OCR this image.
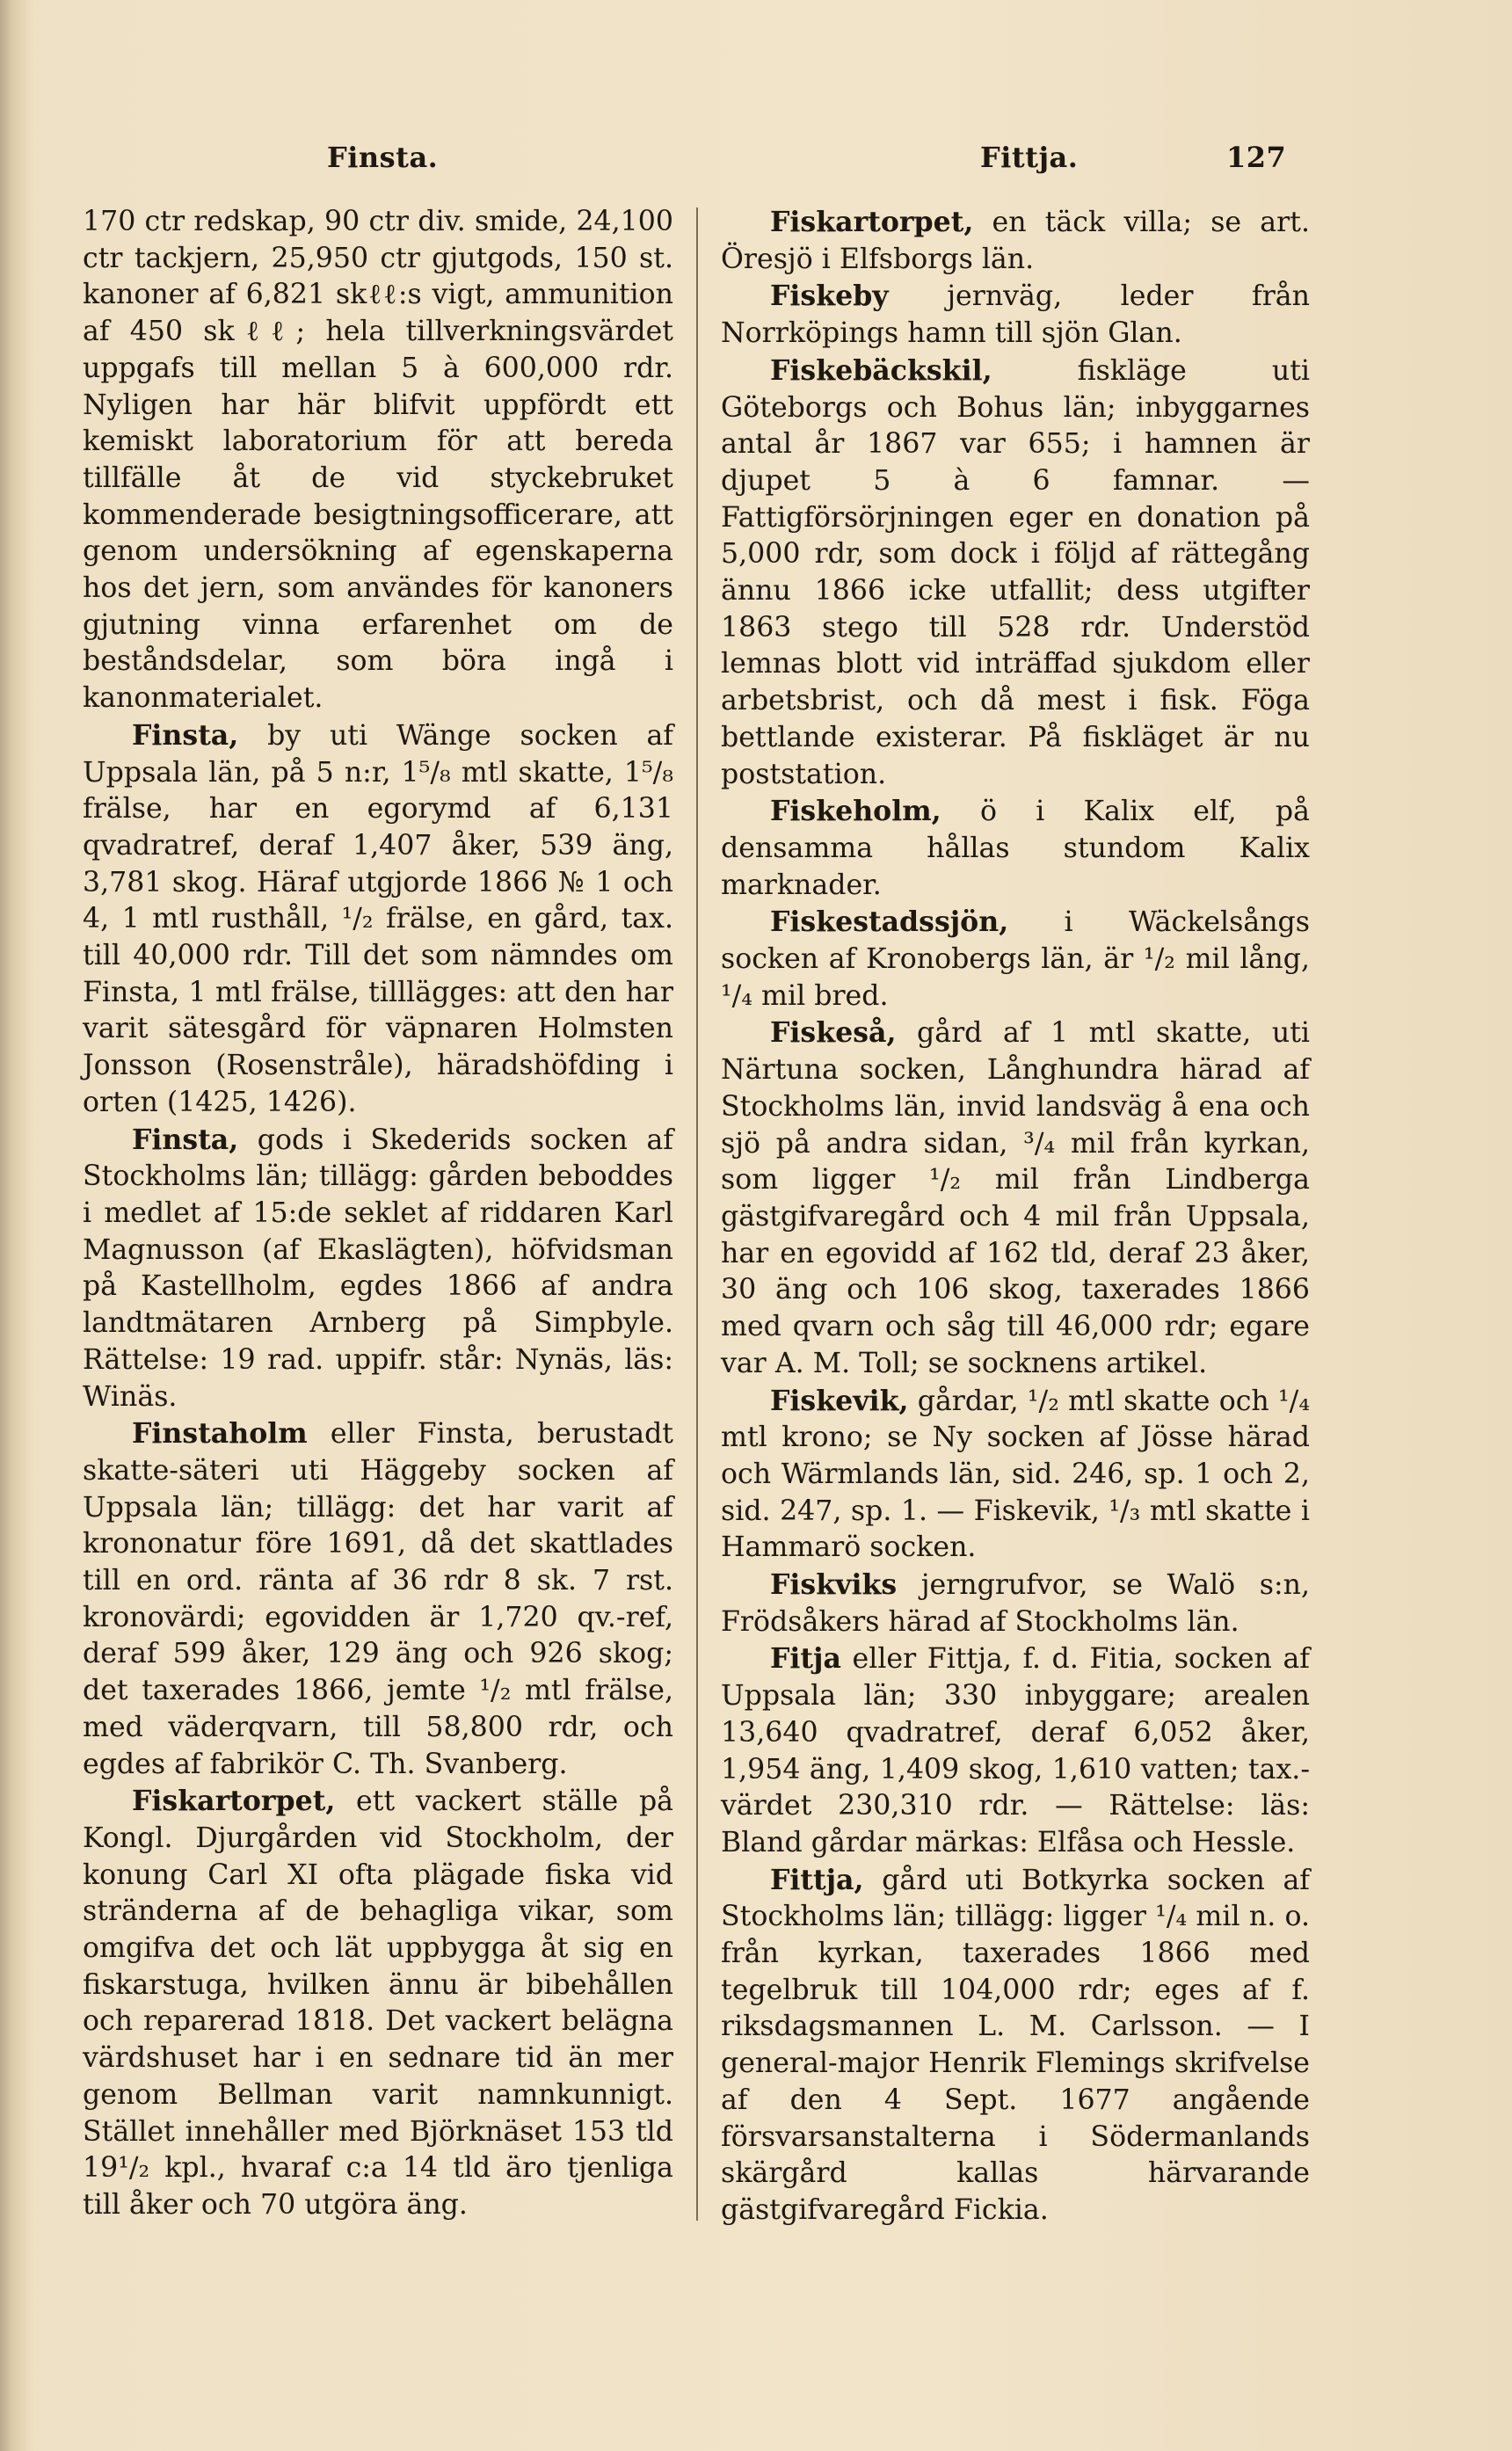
Finsta.	Fittja.	127

170 ctr redskap, 90 ctr div. smide, 24,100 ctr tackjern, 25,950 ctr gjutgods, 150 st. kanoner af 6,821 skℓℓ:s vigt, ammunition af 450 skℓℓ; hela tillverkningsvärdet uppgafs till mellan 5 à 600,000 rdr. Nyligen har här blifvit uppfördt ett kemiskt laboratorium för att bereda tillfälle åt de vid styckebruket kommenderade besigtningsofficerare, att genom undersökning af egenskaperna hos det jern, som användes för kanoners gjutning vinna erfarenhet om de beståndsdelar, som böra ingå i kanonmaterialet.

Finsta, by uti Wänge socken af Uppsala län, på 5 n:r, 1⁵/₈ mtl skatte, 1⁵/₈ frälse, har en egorymd af 6,131 qvadratref, deraf 1,407 åker, 539 äng, 3,781 skog. Häraf utgjorde 1866 № 1 och 4, 1 mtl rusthåll, ¹/₂ frälse, en gård, tax. till 40,000 rdr. Till det som nämndes om Finsta, 1 mtl frälse, tilllägges: att den har varit sätesgård för väpnaren Holmsten Jonsson (Rosenstråle), häradshöfding i orten (1425, 1426).

Finsta, gods i Skederids socken af Stockholms län; tillägg: gården beboddes i medlet af 15:de seklet af riddaren Karl Magnusson (af Ekaslägten), höfvidsman på Kastellholm, egdes 1866 af andra landtmätaren Arnberg på Simpbyle. Rättelse: 19 rad. uppifr. står: Nynäs, läs: Winäs.

Finstaholm eller Finsta, berustadt skatte-säteri uti Häggeby socken af Uppsala län; tillägg: det har varit af krononatur före 1691, då det skattlades till en ord. ränta af 36 rdr 8 sk. 7 rst. kronovärdi; egovidden är 1,720 qv.-ref, deraf 599 åker, 129 äng och 926 skog; det taxerades 1866, jemte ¹/₂ mtl frälse, med väderqvarn, till 58,800 rdr, och egdes af fabrikör C. Th. Svanberg.

Fiskartorpet, ett vackert ställe på Kongl. Djurgården vid Stockholm, der konung Carl XI ofta plägade fiska vid stränderna af de behagliga vikar, som omgifva det och lät uppbygga åt sig en fiskarstuga, hvilken ännu är bibehållen och reparerad 1818. Det vackert belägna värdshuset har i en sednare tid än mer genom Bellman varit namnkunnigt. Stället innehåller med Björknäset 153 tld 19¹/₂ kpl., hvaraf c:a 14 tld äro tjenliga till åker och 70 utgöra äng.

Fiskartorpet, en täck villa; se art. Öresjö i Elfsborgs län.

Fiskeby jernväg, leder från Norrköpings hamn till sjön Glan.

Fiskebäckskil,	fiskläge uti Göteborgs och Bohus län; inbyggarnes antal år 1867 var 655; i hamnen är djupet 5 à 6 famnar. — Fattigförsörjningen eger en donation på 5,000 rdr, som dock i följd af rättegång ännu 1866 icke utfallit; dess utgifter 1863 stego till 528 rdr. Understöd lemnas blott vid inträffad sjukdom eller arbetsbrist, och då mest i fisk. Föga bettlande existerar. På fiskläget är nu poststation.

Fiskeholm, ö i Kalix elf, på densamma hållas stundom Kalix marknader.

Fiskestadssjön, i Wäckelsångs socken af Kronobergs län, är ¹/₂ mil lång, ¹/₄ mil bred.

Fiskeså, gård af 1 mtl skatte, uti Närtuna socken, Långhundra härad af Stockholms län, invid landsväg å ena och sjö på andra sidan, ³/₄ mil från kyrkan, som ligger ¹/₂ mil från Lindberga gästgifvaregård och 4 mil från Uppsala, har en egovidd af 162 tld, deraf 23 åker, 30 äng och 106 skog, taxerades 1866 med qvarn och såg till 46,000 rdr; egare var A. M. Toll; se socknens artikel.

Fiskevik, gårdar, ¹/₂ mtl skatte och ¹/₄ mtl krono; se Ny socken af Jösse härad och Wärmlands län, sid. 246, sp. 1 och 2, sid. 247, sp. 1. — Fiskevik, ¹/₃ mtl skatte i Hammarö socken.

Fiskviks jerngrufvor, se Walö s:n, Frödsåkers härad af Stockholms län.

Fitja eller Fittja, f. d. Fitia, socken af Uppsala län; 330 inbyggare; arealen 13,640 qvadratref, deraf 6,052 åker, 1,954 äng, 1,409 skog, 1,610 vatten; tax.-värdet 230,310 rdr. — Rättelse: läs: Bland gårdar märkas: Elfåsa och Hessle.

Fittja, gård uti Botkyrka socken af Stockholms län; tillägg: ligger ¹/₄ mil n. o. från kyrkan, taxerades 1866 med tegelbruk till 104,000 rdr; eges af f. riksdagsmannen L. M. Carlsson. — I general-major Henrik Flemings skrifvelse af den 4 Sept. 1677 angående försvarsanstalterna i Södermanlands skärgård kallas härvarande gästgifvaregård Fickia.
